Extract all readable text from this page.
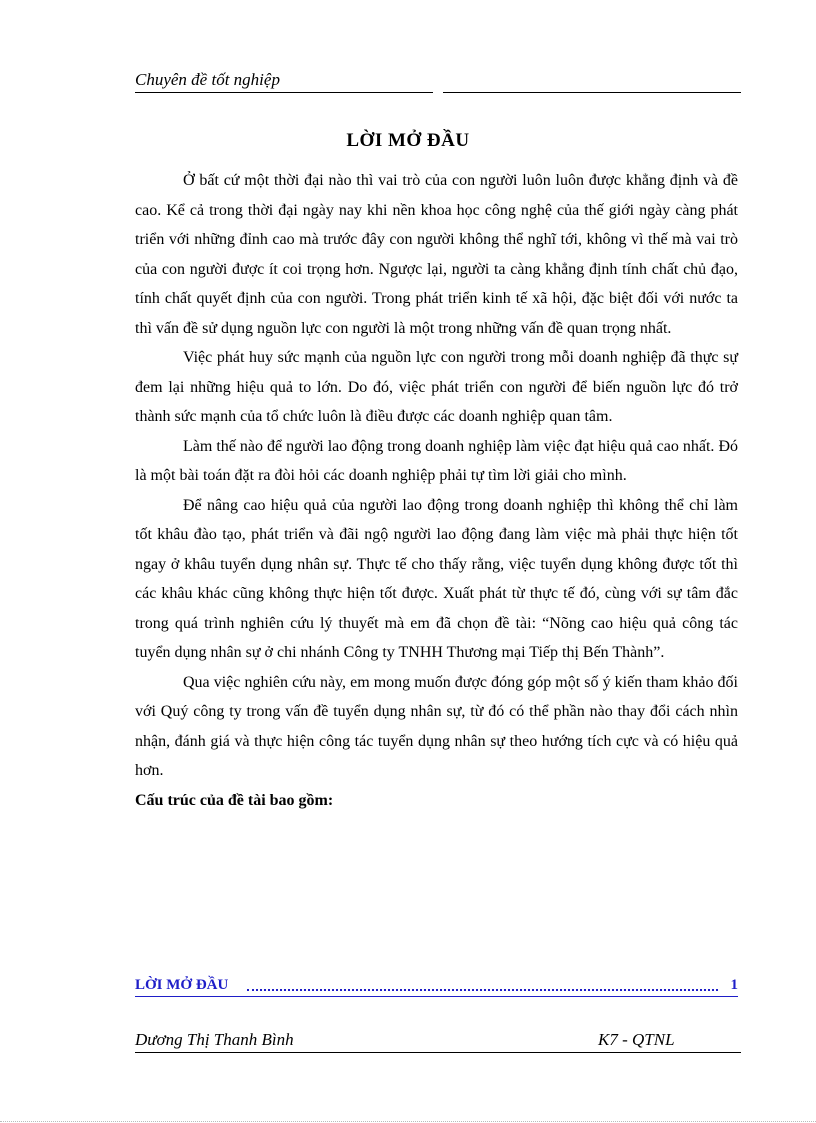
Chuyên đề tốt nghiệp
LỜI MỞ ĐẦU

Ở bất cứ một thời đại nào thì vai trò của con người luôn luôn được khẳng định và đề cao. Kể cả trong thời đại ngày nay khi nền khoa học công nghệ của thế giới ngày càng phát triển với những đỉnh cao mà trước đây con người không thể nghĩ tới, không vì thế mà vai trò của con người được ít coi trọng hơn. Ngược lại, người ta càng khẳng định tính chất chủ đạo, tính chất quyết định của con người. Trong phát triển kinh tế xã hội, đặc biệt đối với nước ta thì vấn đề sử dụng nguồn lực con người là một trong những vấn đề quan trọng nhất.

Việc phát huy sức mạnh của nguồn lực con người trong mỗi doanh nghiệp đã thực sự đem lại những hiệu quả to lớn. Do đó, việc phát triển con người để biến nguồn lực đó trở thành sức mạnh của tổ chức luôn là điều được các doanh nghiệp quan tâm.

Làm thế nào để người lao động trong doanh nghiệp làm việc đạt hiệu quả cao nhất. Đó là một bài toán đặt ra đòi hỏi các doanh nghiệp phải tự tìm lời giải cho mình.

Để nâng cao hiệu quả của người lao động trong doanh nghiệp thì không thể chỉ làm tốt khâu đào tạo, phát triển và đãi ngộ người lao động đang làm việc mà phải thực hiện tốt ngay ở khâu tuyển dụng nhân sự. Thực tế cho thấy rằng, việc tuyển dụng không được tốt thì các khâu khác cũng không thực hiện tốt được. Xuất phát từ thực tế đó, cùng với sự tâm đắc trong quá trình nghiên cứu lý thuyết mà em đã chọn đề tài: “Nõng cao hiệu quả công tác tuyển dụng nhân sự ở chi nhánh Công ty TNHH Thương mại Tiếp thị Bến Thành”.

Qua việc nghiên cứu này, em mong muốn được đóng góp một số ý kiến tham khảo đối với Quý công ty trong vấn đề tuyển dụng nhân sự, từ đó có thể phần nào thay đổi cách nhìn nhận, đánh giá và thực hiện công tác tuyển dụng nhân sự theo hướng tích cực và có hiệu quả hơn.

Cấu trúc của đề tài bao gồm:

LỜI MỞ ĐẦU	1
Dương Thị Thanh Bình	K7 - QTNL
